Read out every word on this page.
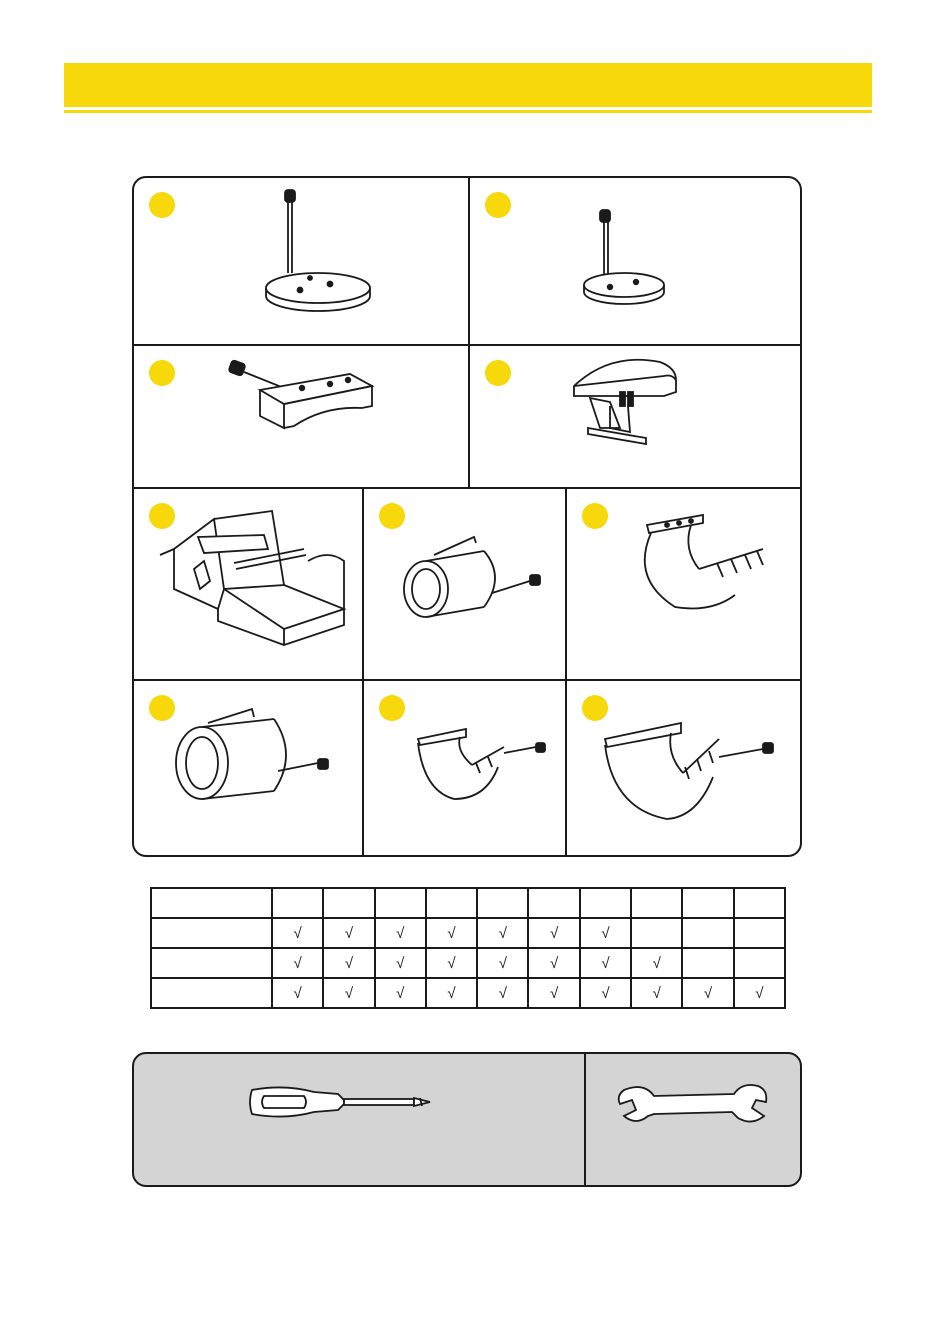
	√	√	√	√	√	√	√			
	√	√	√	√	√	√	√	√		
	√	√	√	√	√	√	√	√	√	√
